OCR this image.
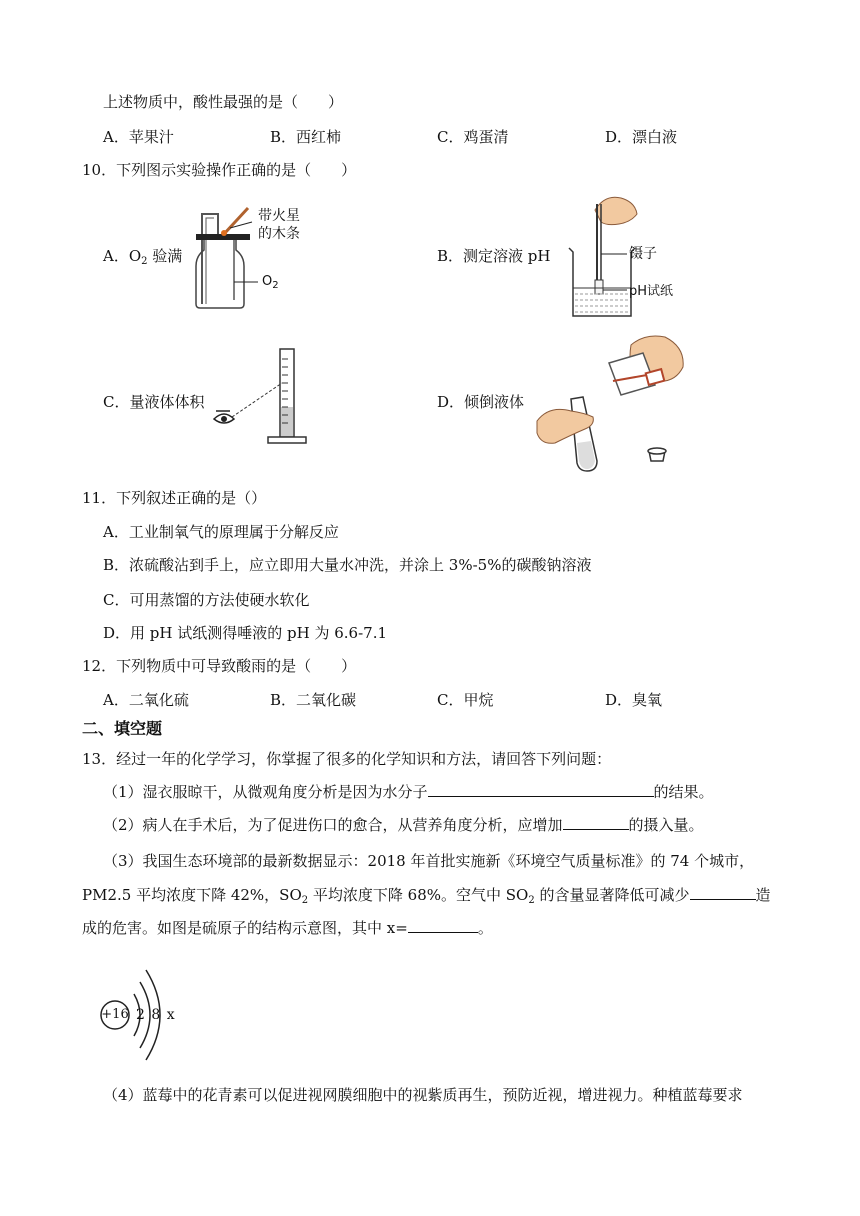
上述物质中，酸性最强的是（　　）
A．苹果汁	B．西红柿	C．鸡蛋清	D．漂白液
10．下列图示实验操作正确的是（　　）
A．$O_2$ 验满	B．测定溶液 pH
C．量液体体积	D．倾倒液体
带火星
的木条
$O_2$
镊子
pH试纸
11．下列叙述正确的是（）
A．工业制氧气的原理属于分解反应
B．浓硫酸沾到手上，应立即用大量水冲洗，并涂上 3%-5%的碳酸钠溶液
C．可用蒸馏的方法使硬水软化
D．用 pH 试纸测得唾液的 pH 为 6.6-7.1
12．下列物质中可导致酸雨的是（　　）
A．二氧化硫	B．二氧化碳	C．甲烷	D．臭氧
二、填空题
13．经过一年的化学学习，你掌握了很多的化学知识和方法，请回答下列问题：
（1）湿衣服晾干，从微观角度分析是因为水分子	的结果。
（2）病人在手术后，为了促进伤口的愈合，从营养角度分析，应增加	的摄入量。
（3）我国生态环境部的最新数据显示：2018 年首批实施新《环境空气质量标准》的 74 个城市，
PM2.5 平均浓度下降 42%，$SO_2$ 平均浓度下降 68%。空气中 $SO_2$ 的含量显著降低可减少	造
成的危害。如图是硫原子的结构示意图，其中 x=	。
+16 2 8 x
（4）蓝莓中的花青素可以促进视网膜细胞中的视紫质再生，预防近视，增进视力。种植蓝莓要求
